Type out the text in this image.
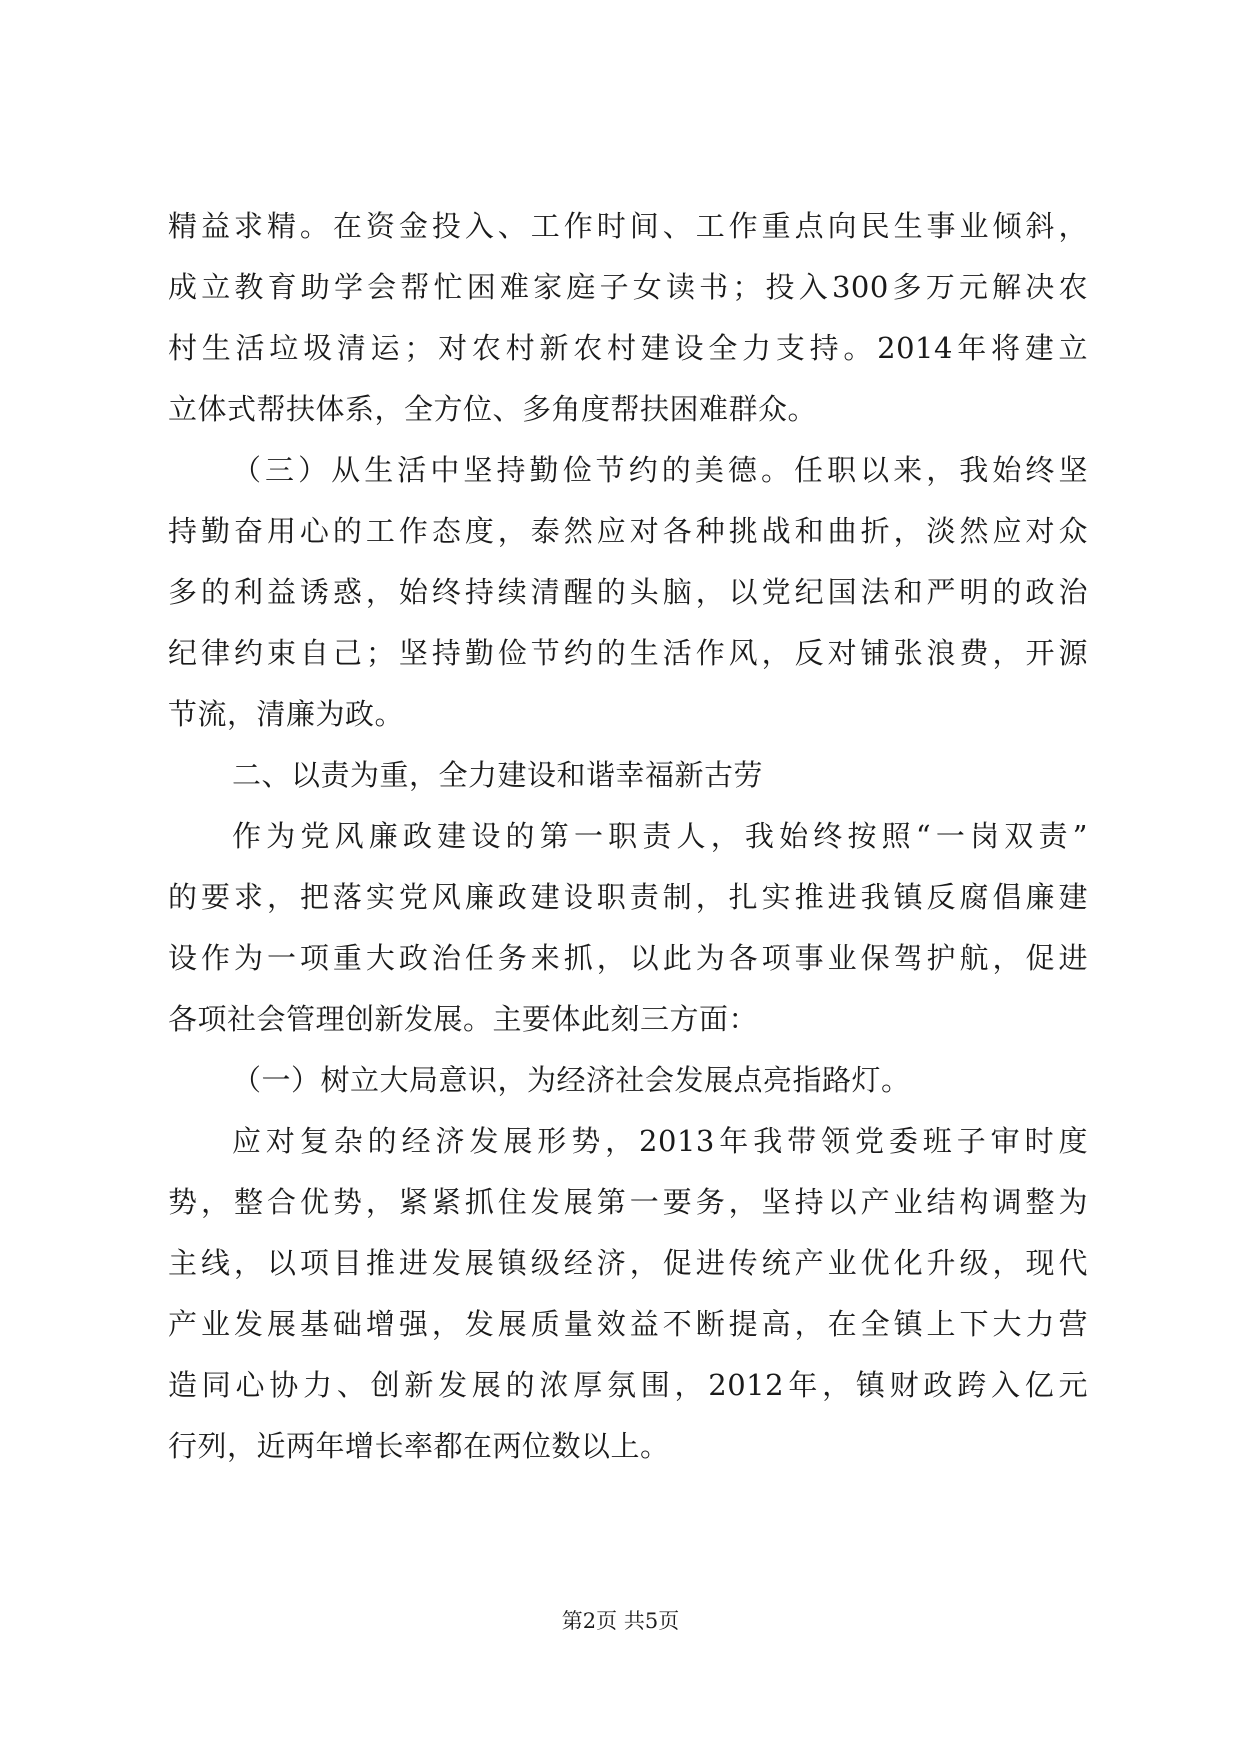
精益求精。在资金投入、工作时间、工作重点向民生事业倾斜，
成立教育助学会帮忙困难家庭子女读书；投入300多万元解决农
村生活垃圾清运；对农村新农村建设全力支持。2014年将建立
立体式帮扶体系，全方位、多角度帮扶困难群众。
（三）从生活中坚持勤俭节约的美德。任职以来，我始终坚
持勤奋用心的工作态度，泰然应对各种挑战和曲折，淡然应对众
多的利益诱惑，始终持续清醒的头脑，以党纪国法和严明的政治
纪律约束自己；坚持勤俭节约的生活作风，反对铺张浪费，开源
节流，清廉为政。
二、以责为重，全力建设和谐幸福新古劳
作为党风廉政建设的第一职责人，我始终按照“一岗双责”
的要求，把落实党风廉政建设职责制，扎实推进我镇反腐倡廉建
设作为一项重大政治任务来抓，以此为各项事业保驾护航，促进
各项社会管理创新发展。主要体此刻三方面：
（一）树立大局意识，为经济社会发展点亮指路灯。
应对复杂的经济发展形势，2013年我带领党委班子审时度
势，整合优势，紧紧抓住发展第一要务，坚持以产业结构调整为
主线，以项目推进发展镇级经济，促进传统产业优化升级，现代
产业发展基础增强，发展质量效益不断提高，在全镇上下大力营
造同心协力、创新发展的浓厚氛围，2012年，镇财政跨入亿元
行列，近两年增长率都在两位数以上。
第2页 共5页
